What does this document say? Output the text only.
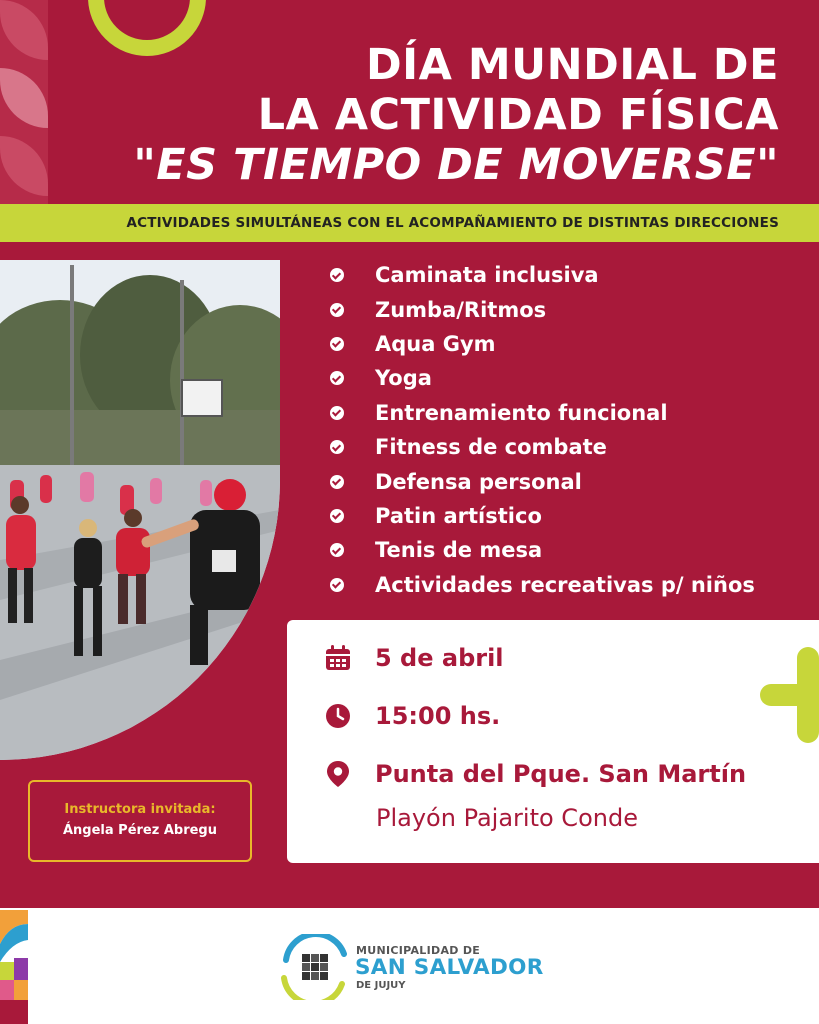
DÍA MUNDIAL DE
LA ACTIVIDAD FÍSICA
"ES TIEMPO DE MOVERSE"
ACTIVIDADES SIMULTÁNEAS CON EL ACOMPAÑAMIENTO DE DISTINTAS DIRECCIONES
Caminata inclusiva
Zumba/Ritmos
Aqua Gym
Yoga
Entrenamiento funcional
Fitness de combate
Defensa personal
Patin artístico
Tenis de mesa
Actividades recreativas p/ niños
5 de abril
15:00 hs.
Punta del Pque. San Martín
Playón Pajarito Conde
Instructora invitada:
Ángela Pérez Abregu
MUNICIPALIDAD DE
SAN SALVADOR
DE JUJUY
